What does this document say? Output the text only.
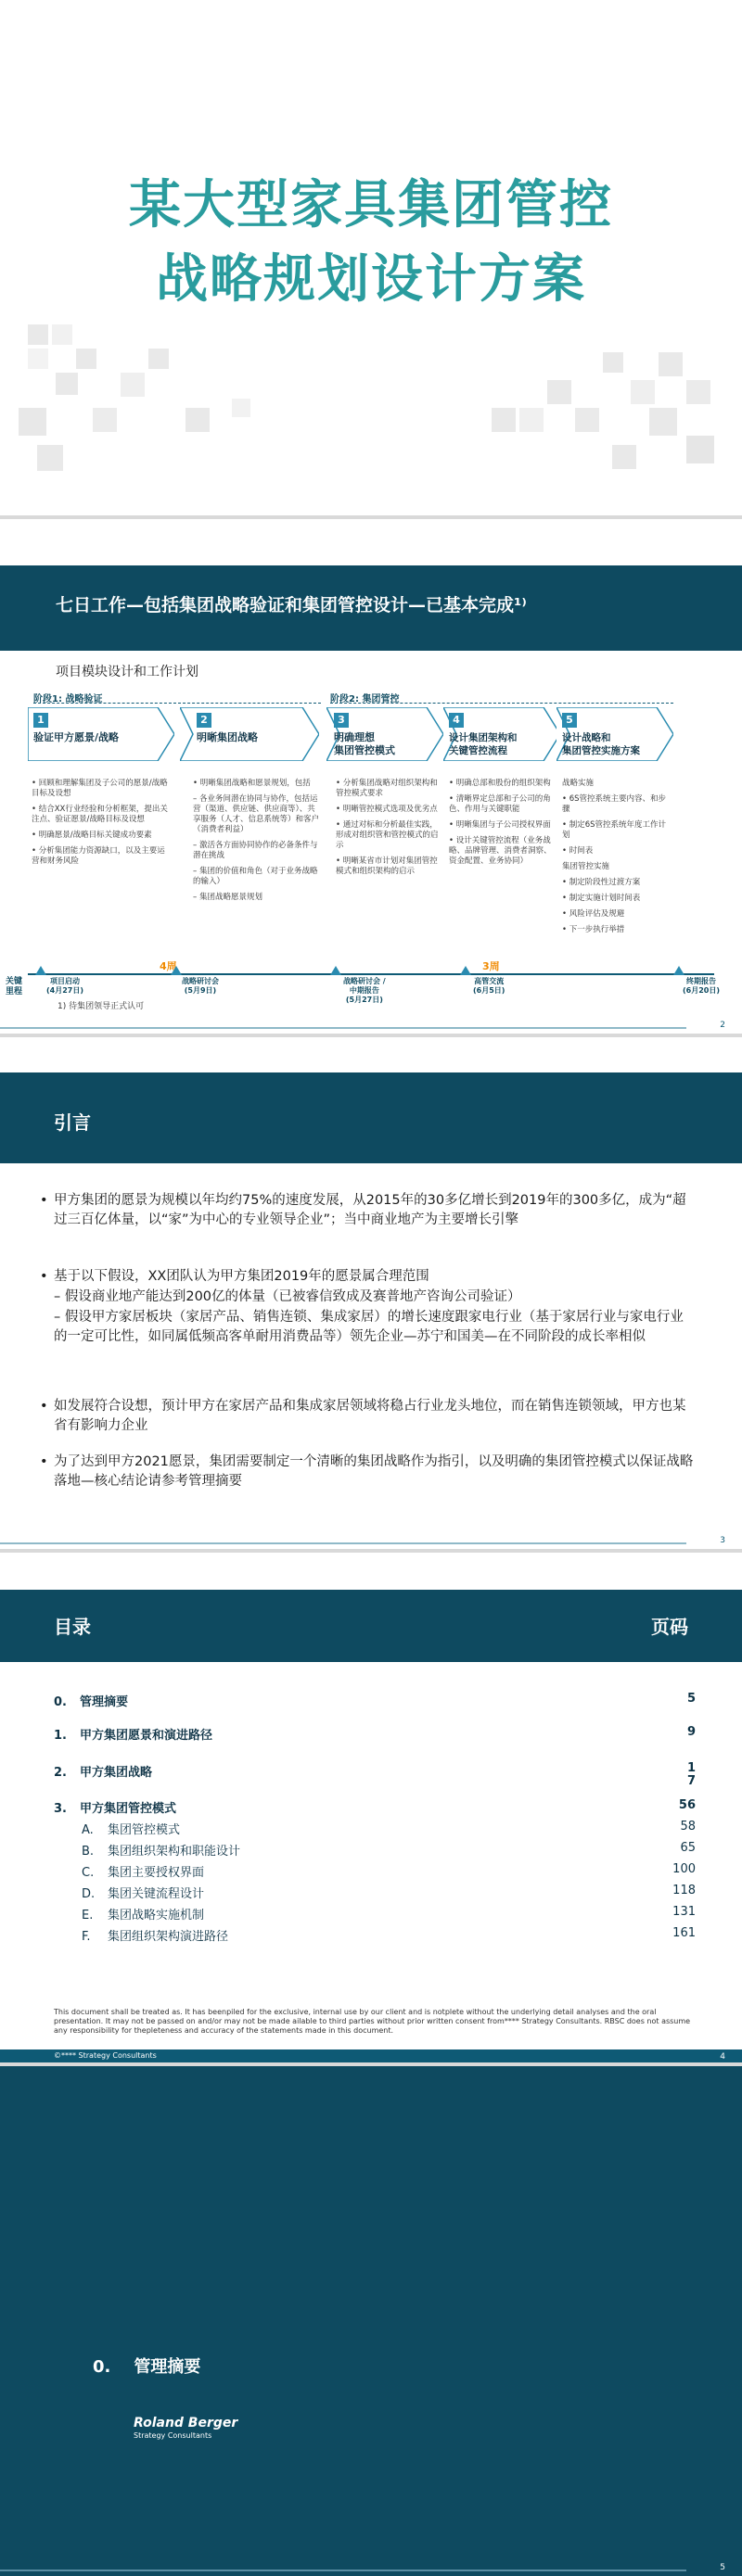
某大型家具集团管控
战略规划设计方案
七日工作—包括集团战略验证和集团管控设计—已基本完成¹⁾
项目模块设计和工作计划
阶段1: 战略验证	阶段2: 集团管控
1
验证甲方愿景/战略
2
明晰集团战略
3
明确理想
集团管控模式
4
设计集团架构和
关键管控流程
5
设计战略和
集团管控实施方案
• 回顾和理解集团及子公司的愿景/战略目标及设想
• 结合XX行业经验和分析框架，提出关注点、验证愿景/战略目标及设想
• 明确愿景/战略目标关键成功要素
• 分析集团能力资源缺口，以及主要运营和财务风险
• 明晰集团战略和愿景规划，包括
– 各业务间潜在协同与协作，包括运营（渠道、供应链、供应商等）、共享服务（人才、信息系统等）和客户（消费者利益）
– 激活各方面协同协作的必备条件与潜在挑战
– 集团的价值和角色（对于业务战略的输入）
– 集团战略愿景规划
• 分析集团战略对组织架构和管控模式要求
• 明晰管控模式选项及优劣点
• 通过对标和分析最佳实践，形成对组织管和管控模式的启示
• 明晰某省市计划对集团管控模式和组织架构的启示
• 明确总部和股份的组织架构
• 清晰界定总部和子公司的角色、作用与关键职能
• 明晰集团与子公司授权界面
• 设计关键管控流程（业务战略、品牌管理、消费者洞察、资金配置、业务协同）
战略实施
• 6S管控系统主要内容、和步骤
• 制定6S管控系统年度工作计划
• 时间表
集团管控实施
• 制定阶段性过渡方案
• 制定实施计划时间表
• 风险评估及规避
• 下一步执行举措
关键
里程
4周	3周
项目启动
(4月27日)
战略研讨会
(5月9日)
战略研讨会 /
中期报告
(5月27日)
高管交流
(6月5日)
终期报告
(6月20日)
1) 待集团领导正式认可
2
引言
• 甲方集团的愿景为规模以年均约75%的速度发展，从2015年的30多亿增长到2019年的300多亿，成为“超过三百亿体量，以“家”为中心的专业领导企业”；当中商业地产为主要增长引擎
• 基于以下假设，XX团队认为甲方集团2019年的愿景属合理范围
– 假设商业地产能达到200亿的体量（已被睿信致成及赛普地产咨询公司验证）
– 假设甲方家居板块（家居产品、销售连锁、集成家居）的增长速度跟家电行业（基于家居行业与家电行业的一定可比性，如同属低频高客单耐用消费品等）领先企业—苏宁和国美—在不同阶段的成长率相似
• 如发展符合设想，预计甲方在家居产品和集成家居领域将稳占行业龙头地位，而在销售连锁领域，甲方也某省有影响力企业
• 为了达到甲方2021愿景，集团需要制定一个清晰的集团战略作为指引，以及明确的集团管控模式以保证战略落地—核心结论请参考管理摘要
3
目录	页码
0. 管理摘要	5
1. 甲方集团愿景和演进路径	9
2. 甲方集团战略	1
7
3. 甲方集团管控模式	56
A. 集团管控模式	58
B. 集团组织架构和职能设计	65
C. 集团主要授权界面	100
D. 集团关键流程设计	118
E. 集团战略实施机制	131
F. 集团组织架构演进路径	161
This document shall be treated as. It has beenpiled for the exclusive, internal use by our client and is notplete without the underlying detail analyses and the oral presentation. It may not be passed on and/or may not be made ailable to third parties without prior written consent from**** Strategy Consultants. RBSC does not assume any responsibility for thepleteness and accuracy of the statements made in this document.
©**** Strategy Consultants	4
0.    管理摘要
Roland Berger
Strategy Consultants
5
